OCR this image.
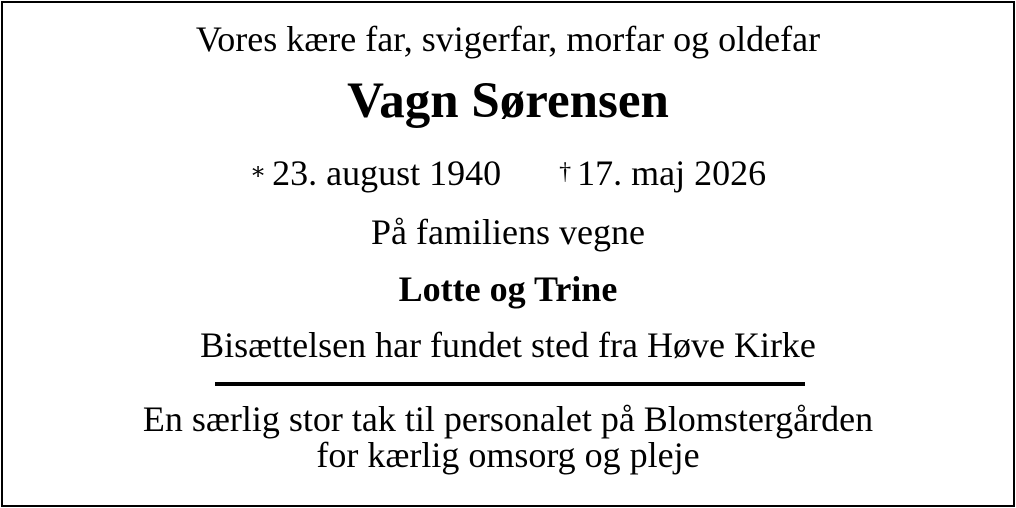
Vores kære far, svigerfar, morfar og oldefar
Vagn Sørensen
∗ 23. august 1940 † 17. maj 2026
På familiens vegne
Lotte og Trine
Bisættelsen har fundet sted fra Høve Kirke
En særlig stor tak til personalet på Blomstergården
for kærlig omsorg og pleje
